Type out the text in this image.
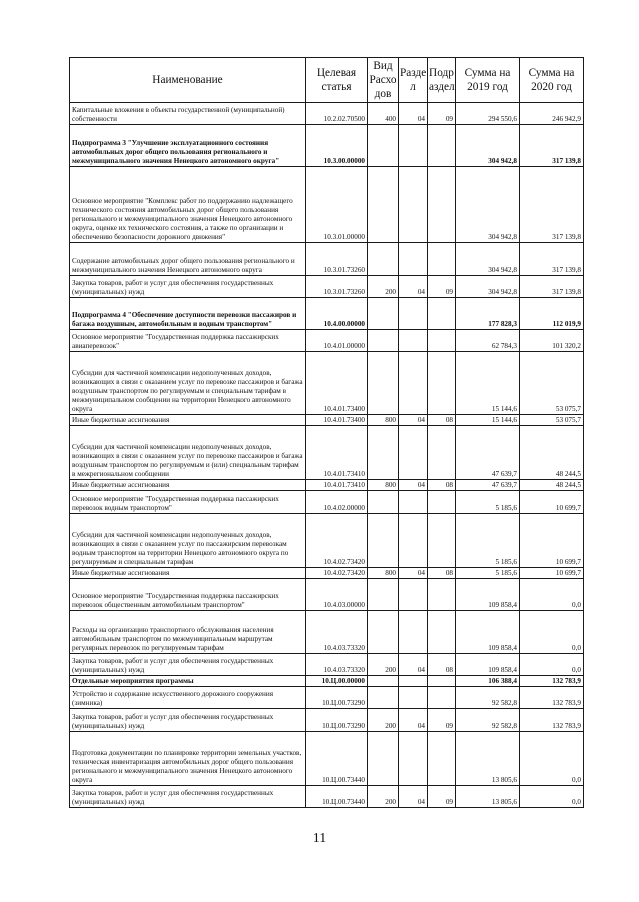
Наименование	Целевая статья	Вид Расхо дов	Разде л	Подр аздел	Сумма на 2019 год	Сумма на 2020 год
Капитальные вложения в объекты государственной (муниципальной) собственности	10.2.02.70500	400	04	09	294 550,6	246 942,9
Подпрограмма 3 "Улучшение эксплуатационного состояния автомобильных дорог общего пользования регионального и межмуниципального значения Ненецкого автономного округа"	10.3.00.00000				304 942,8	317 139,8
Основное мероприятие "Комплекс работ по поддержанию надлежащего технического состояния автомобильных дорог общего пользования регионального и межмуниципального значения Ненецкого автономного округа, оценке их технического состояния, а также по организации и обеспечению безопасности дорожного движения"	10.3.01.00000				304 942,8	317 139,8
Содержание автомобильных дорог общего пользования регионального и межмуниципального значения Ненецкого автономного округа	10.3.01.73260				304 942,8	317 139,8
Закупка товаров, работ и услуг для обеспечения государственных (муниципальных) нужд	10.3.01.73260	200	04	09	304 942,8	317 139,8
Подпрограмма 4 "Обеспечение доступности перевозки пассажиров и багажа воздушным, автомобильным и водным транспортом"	10.4.00.00000				177 828,3	112 019,9
Основное мероприятие "Государственная поддержка пассажирских авиаперевозок"	10.4.01.00000				62 784,3	101 320,2
Субсидии для частичной компенсации недополученных доходов, возникающих в связи с оказанием услуг по перевозке пассажиров и багажа воздушным транспортом по регулируемым и специальным тарифам в межмуниципальном сообщении на территории Ненецкого автономного округа	10.4.01.73400				15 144,6	53 075,7
Иные бюджетные ассигнования	10.4.01.73400	800	04	08	15 144,6	53 075,7
Субсидии для частичной компенсации недополученных доходов, возникающих в связи с оказанием услуг по перевозке пассажиров и багажа воздушным транспортом по регулируемым и (или) специальным тарифам в межрегиональном сообщении	10.4.01.73410				47 639,7	48 244,5
Иные бюджетные ассигнования	10.4.01.73410	800	04	08	47 639,7	48 244,5
Основное мероприятие "Государственная поддержка пассажирских перевозок водным транспортом"	10.4.02.00000				5 185,6	10 699,7
Субсидии для частичной компенсации недополученных доходов, возникающих в связи с оказанием услуг по пассажирским перевозкам водным транспортом на территории Ненецкого автономного округа по регулируемым и специальным тарифам	10.4.02.73420				5 185,6	10 699,7
Иные бюджетные ассигнования	10.4.02.73420	800	04	08	5 185,6	10 699,7
Основное мероприятие "Государственная поддержка пассажирских перевозок общественным автомобильным транспортом"	10.4.03.00000				109 858,4	0,0
Расходы на организацию транспортного обслуживания населения автомобильным транспортом по межмуниципальным маршрутам регулярных перевозок по регулируемым тарифам	10.4.03.73320				109 858,4	0,0
Закупка товаров, работ и услуг для обеспечения государственных (муниципальных) нужд	10.4.03.73320	200	04	08	109 858,4	0,0
Отдельные мероприятия программы	10.Ц.00.00000				106 388,4	132 783,9
Устройство и содержание искусственного дорожного сооружения (зимника)	10.Ц.00.73290				92 582,8	132 783,9
Закупка товаров, работ и услуг для обеспечения государственных (муниципальных) нужд	10.Ц.00.73290	200	04	09	92 582,8	132 783,9
Подготовка документации по планировке территории земельных участков, техническая инвентаризация автомобильных дорог общего пользования регионального и межмуниципального значения Ненецкого автономного округа	10.Ц.00.73440				13 805,6	0,0
Закупка товаров, работ и услуг для обеспечения государственных (муниципальных) нужд	10.Ц.00.73440	200	04	09	13 805,6	0,0
11
